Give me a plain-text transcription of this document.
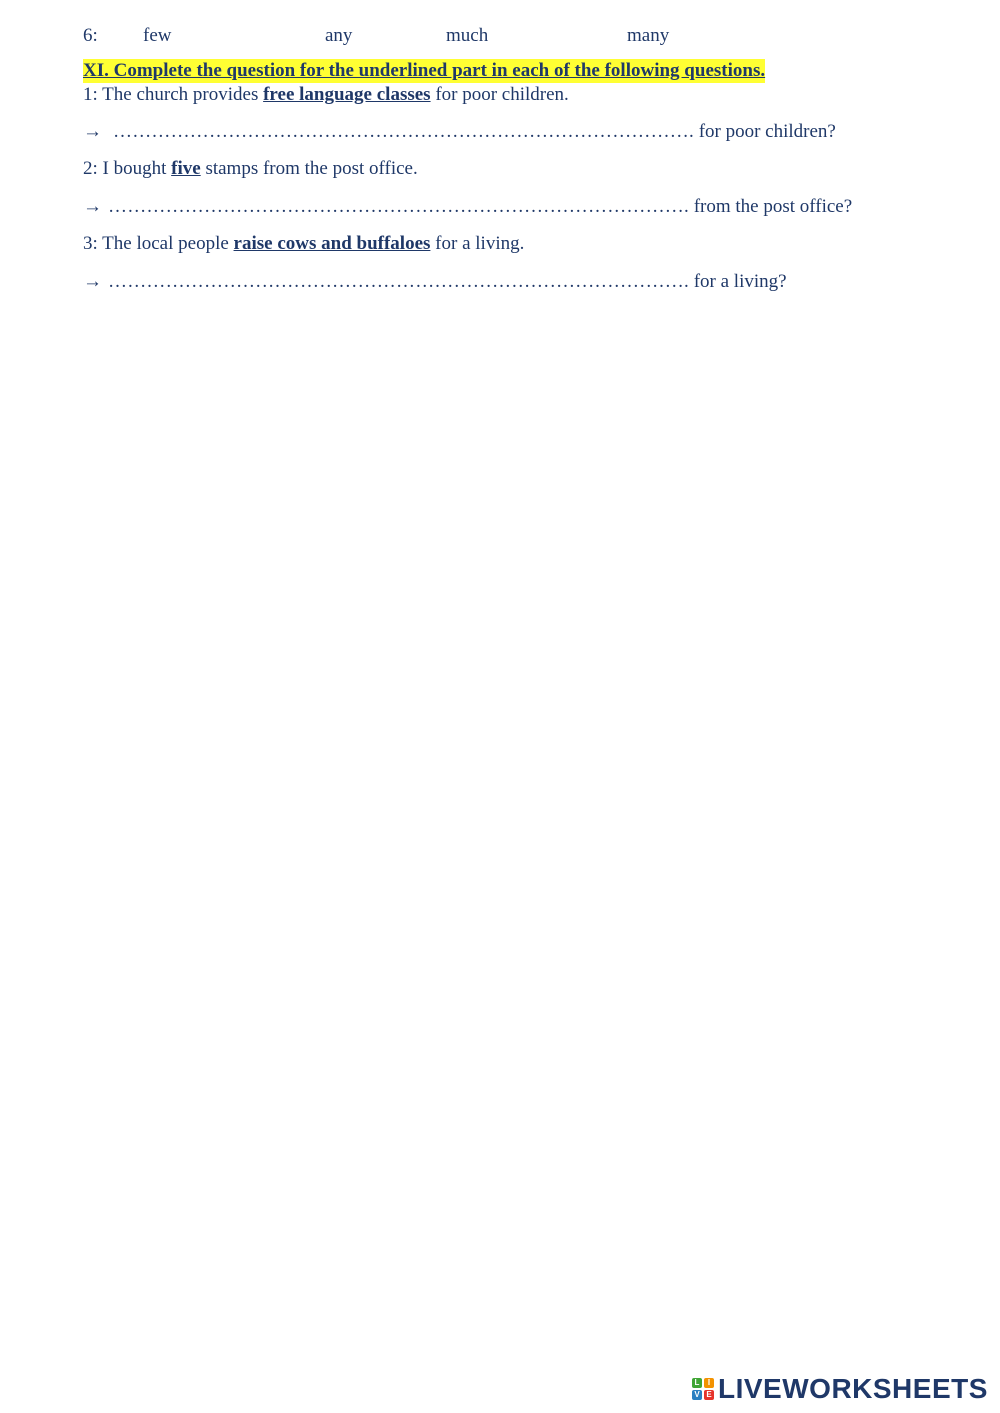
6: few	any	much	many
XI. Complete the question for the underlined part in each of the following questions.
1: The church provides free language classes for poor children.
→ ………………………………………………………………………………. for poor children?
2: I bought five stamps from the post office.
→ ………………………………………………………………………………. from the post office?
3: The local people raise cows and buffaloes for a living.
→ ………………………………………………………………………………. for a living?
L	I
V E LIVEWORKSHEETS
